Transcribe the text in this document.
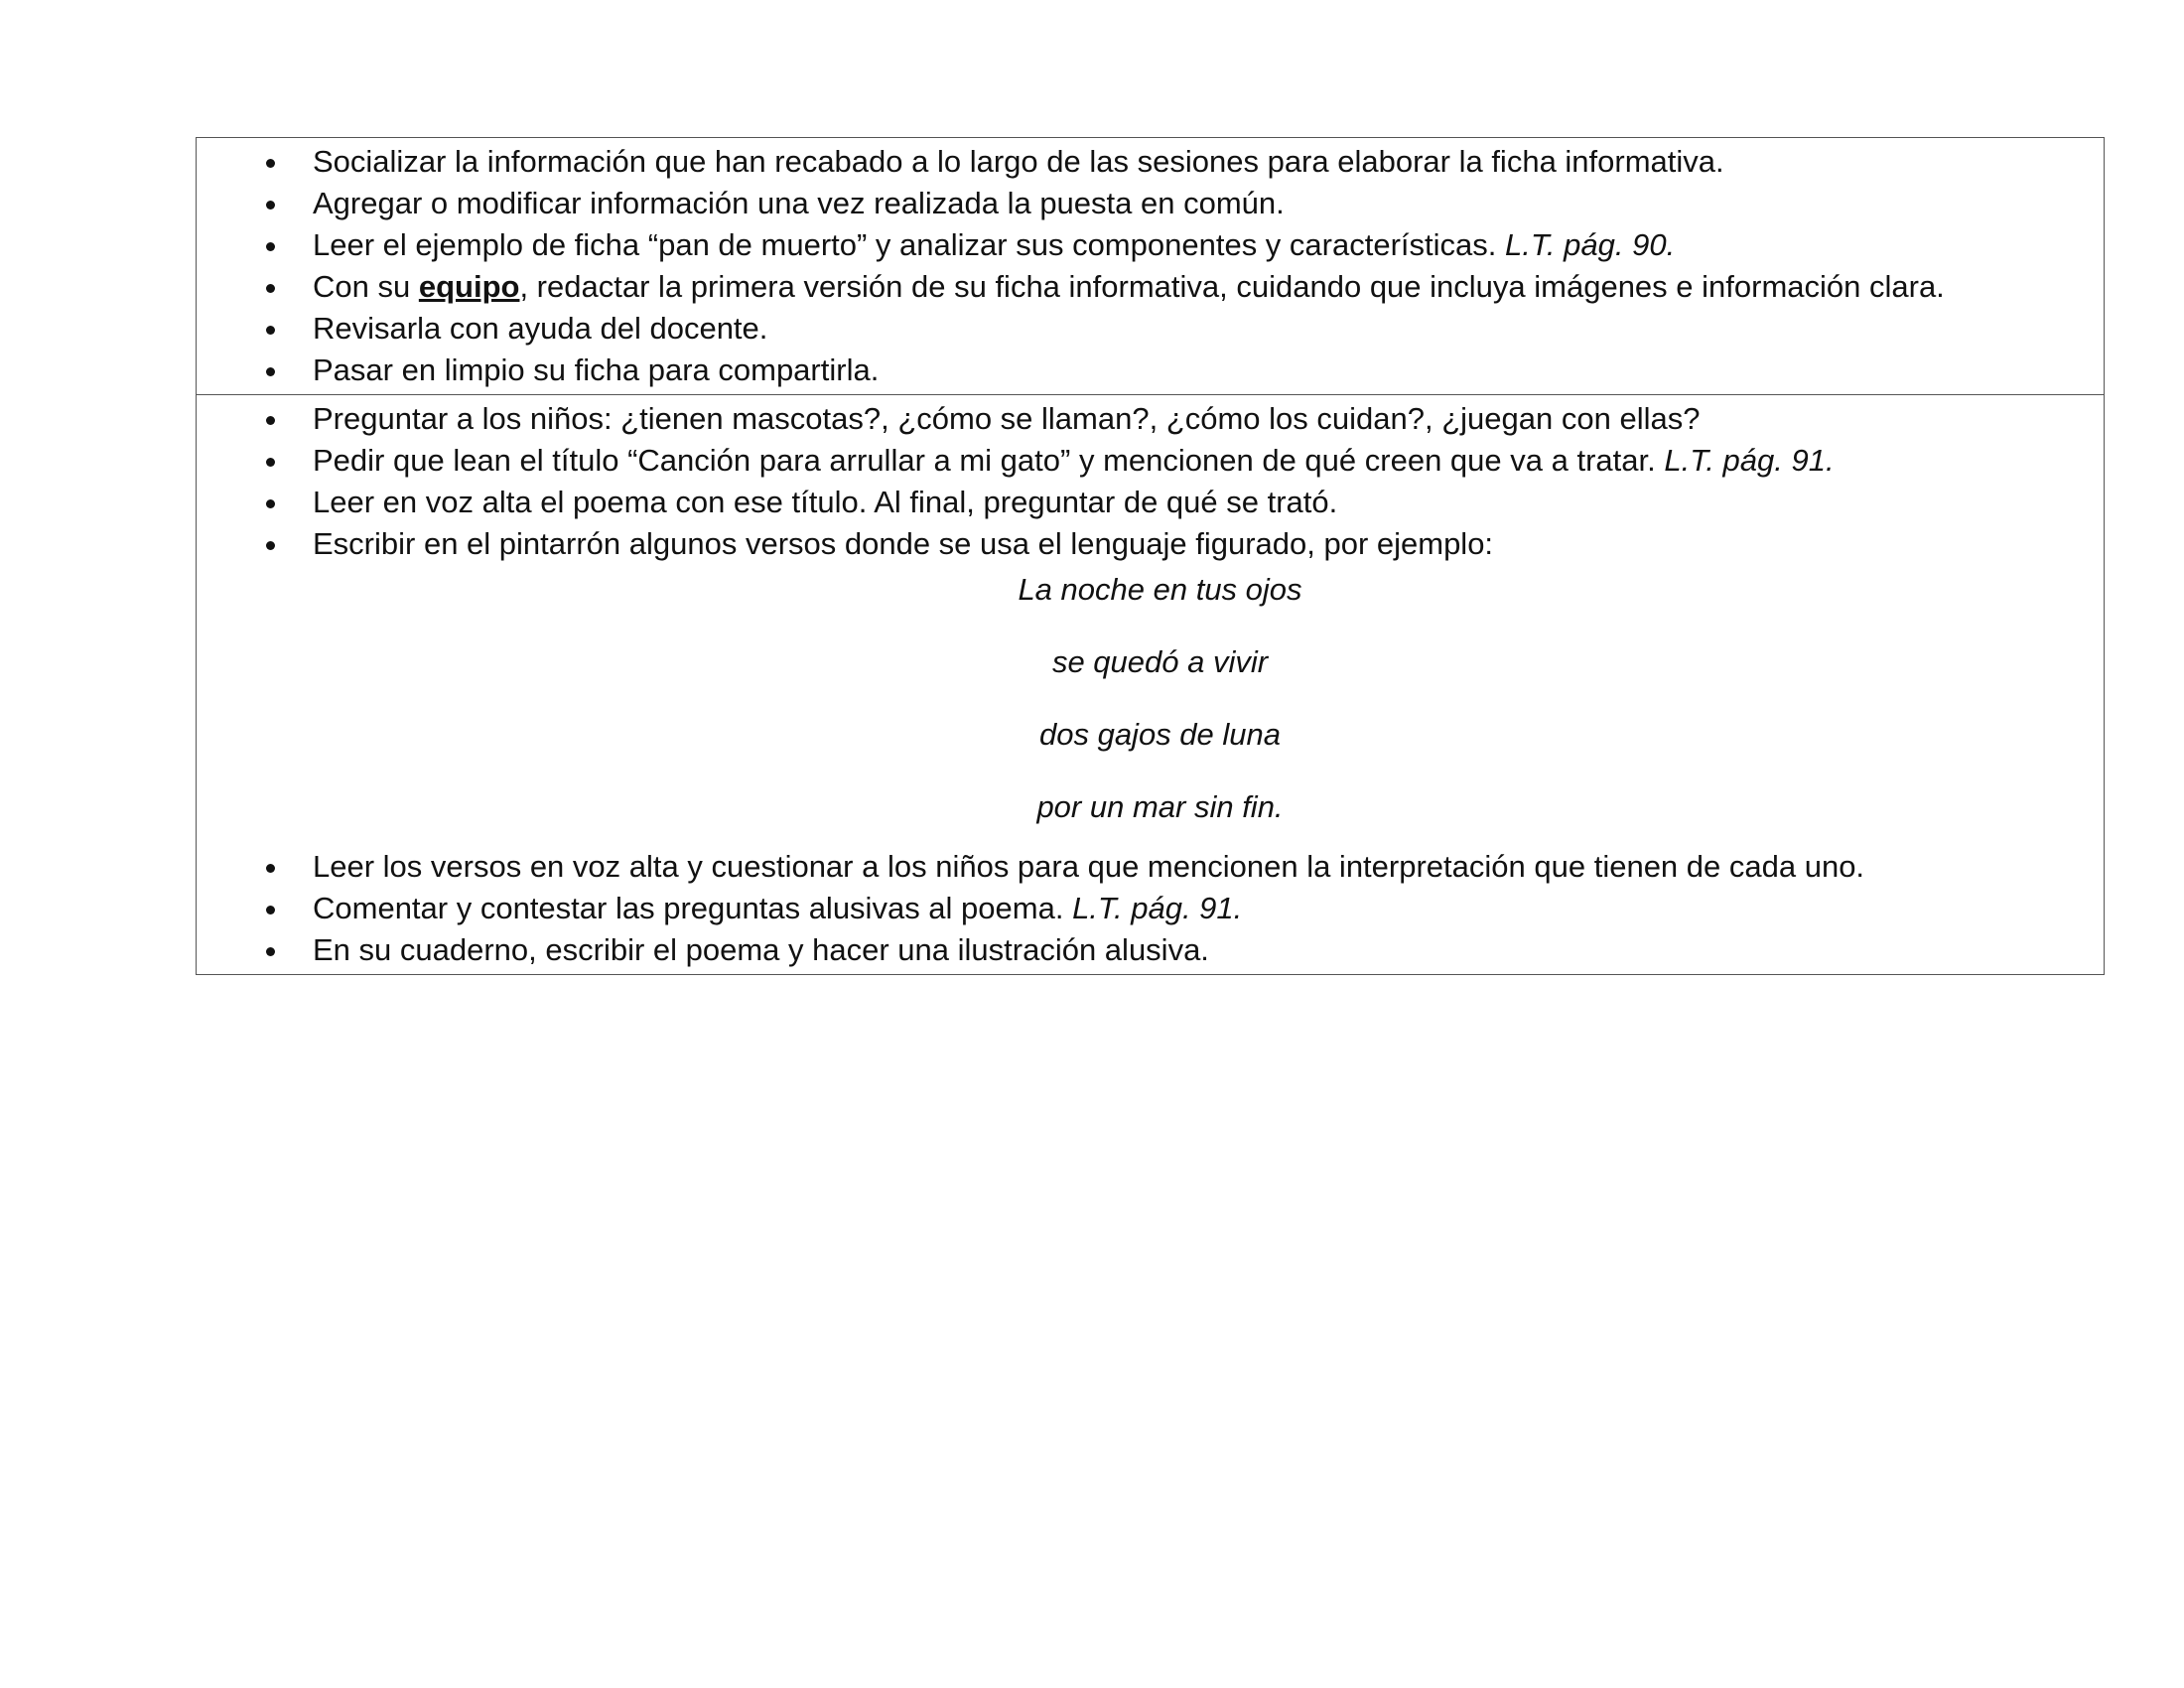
Socializar la información que han recabado a lo largo de las sesiones para elaborar la ficha informativa.
Agregar o modificar información una vez realizada la puesta en común.
Leer el ejemplo de ficha “pan de muerto” y analizar sus componentes y características. L.T. pág. 90.
Con su equipo, redactar la primera versión de su ficha informativa, cuidando que incluya imágenes e información clara.
Revisarla con ayuda del docente.
Pasar en limpio su ficha para compartirla.
Preguntar a los niños: ¿tienen mascotas?, ¿cómo se llaman?, ¿cómo los cuidan?, ¿juegan con ellas?
Pedir que lean el título “Canción para arrullar a mi gato” y mencionen de qué creen que va a tratar. L.T. pág. 91.
Leer en voz alta el poema con ese título. Al final, preguntar de qué se trató.
Escribir en el pintarrón algunos versos donde se usa el lenguaje figurado, por ejemplo:

La noche en tus ojos

se quedó a vivir

dos gajos de luna

por un mar sin fin.

Leer los versos en voz alta y cuestionar a los niños para que mencionen la interpretación que tienen de cada uno.
Comentar y contestar las preguntas alusivas al poema. L.T. pág. 91.
En su cuaderno, escribir el poema y hacer una ilustración alusiva.
